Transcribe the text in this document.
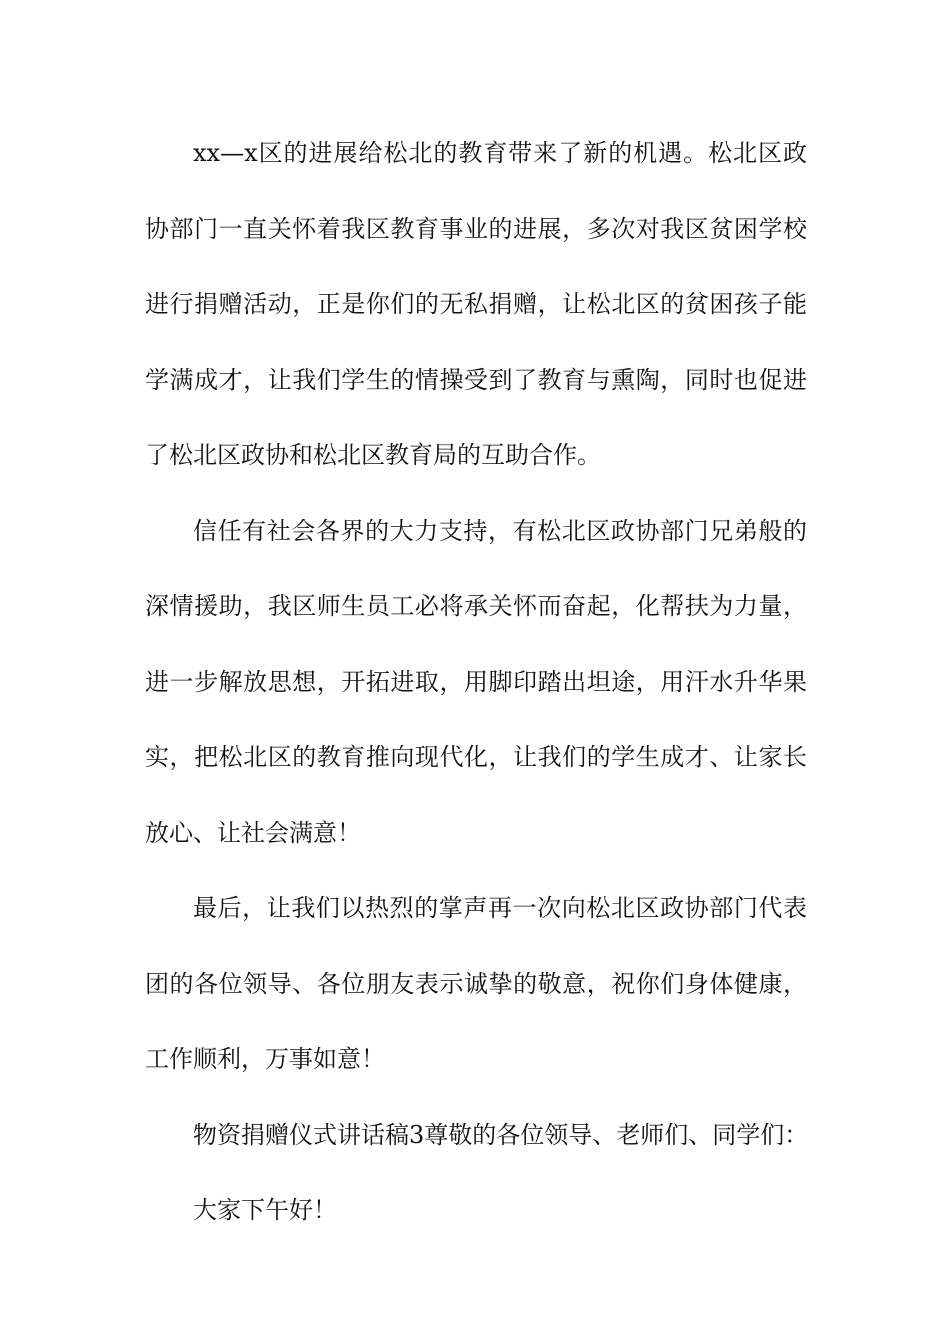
xx—x区的进展给松北的教育带来了新的机遇。松北区政
协部门一直关怀着我区教育事业的进展，多次对我区贫困学校
进行捐赠活动，正是你们的无私捐赠，让松北区的贫困孩子能
学满成才，让我们学生的情操受到了教育与熏陶，同时也促进
了松北区政协和松北区教育局的互助合作。
信任有社会各界的大力支持，有松北区政协部门兄弟般的
深情援助，我区师生员工必将承关怀而奋起，化帮扶为力量，
进一步解放思想，开拓进取，用脚印踏出坦途，用汗水升华果
实，把松北区的教育推向现代化，让我们的学生成才、让家长
放心、让社会满意！
最后，让我们以热烈的掌声再一次向松北区政协部门代表
团的各位领导、各位朋友表示诚挚的敬意，祝你们身体健康，
工作顺利，万事如意！
物资捐赠仪式讲话稿3尊敬的各位领导、老师们、同学们：
大家下午好！
